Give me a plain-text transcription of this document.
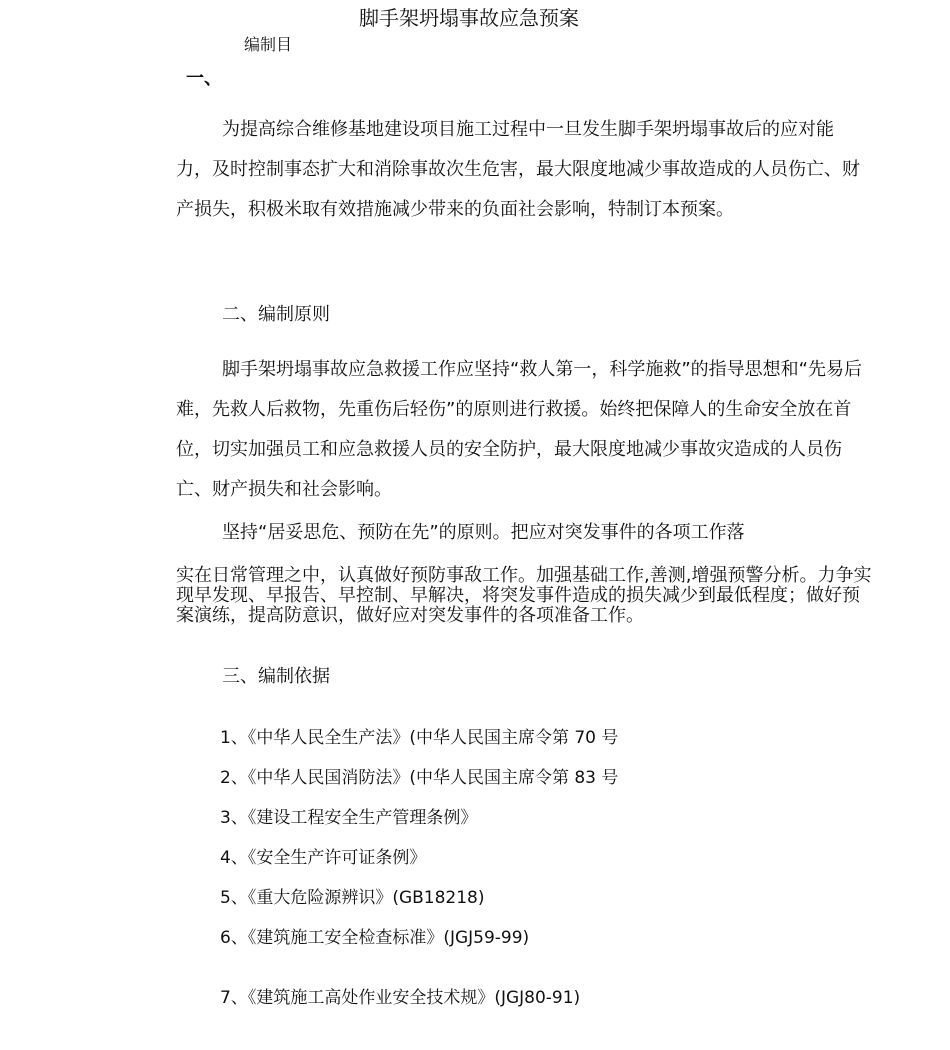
脚手架坍塌事故应急预案
编制目
一、
为提高综合维修基地建设项目施工过程中一旦发生脚手架坍塌事故后的应对能力，及时控制事态扩大和消除事故次生危害，最大限度地减少事故造成的人员伤亡、财产损失，积极米取有效措施减少带来的负面社会影响，特制订本预案。
二、编制原则
脚手架坍塌事故应急救援工作应坚持“救人第一，科学施救”的指导思想和“先易后难，先救人后救物，先重伤后轻伤”的原则进行救援。始终把保障人的生命安全放在首位，切实加强员工和应急救援人员的安全防护，最大限度地减少事故灾造成的人员伤亡、财产损失和社会影响。
坚持“居妥思危、预防在先”的原则。把应对突发事件的各项工作落
实在日常管理之中，认真做好预防事敌工作。加强基础工作,善测,增强预警分析。力争实现早发现、早报告、早控制、早解决，将突发事件造成的损失减少到最低程度；做好预案演练，提高防意识，做好应对突发事件的各项准备工作。
三、编制依据
1、《中华人民全生产法》(中华人民国主席令第 70 号
2、《中华人民国消防法》(中华人民国主席令第 83 号
3、《建设工程安全生产管理条例》
4、《安全生产许可证条例》
5、《重大危险源辨识》(GB18218)
6、《建筑施工安全检查标准》(JGJ59-99)
7、《建筑施工高处作业安全技术规》(JGJ80-91)
